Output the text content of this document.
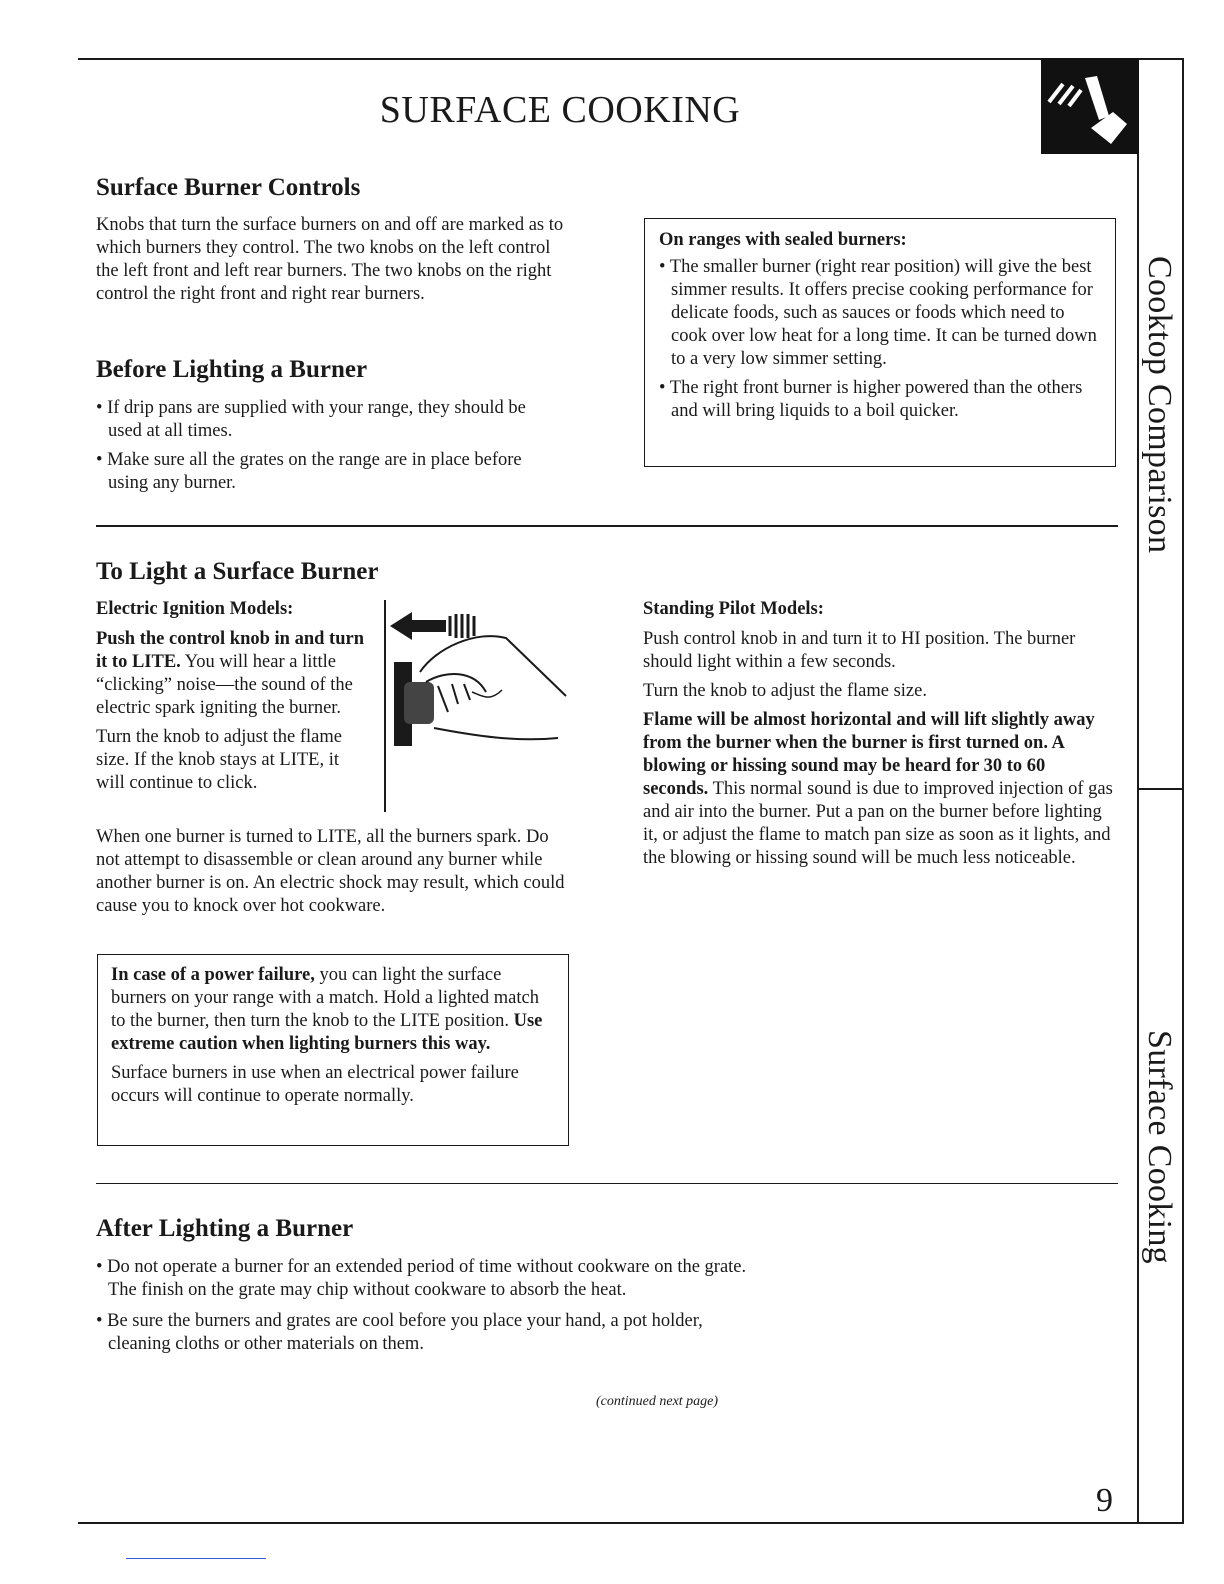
SURFACE COOKING
Cooktop Comparison
Surface Cooking
Surface Burner Controls

Knobs that turn the surface burners on and off are marked as to which burners they control. The two knobs on the left control the left front and left rear burners. The two knobs on the right control the right front and right rear burners.

On ranges with sealed burners:

• The smaller burner (right rear position) will give the best simmer results. It offers precise cooking performance for delicate foods, such as sauces or foods which need to cook over low heat for a long time. It can be turned down to a very low simmer setting.

• The right front burner is higher powered than the others and will bring liquids to a boil quicker.

Before Lighting a Burner

• If drip pans are supplied with your range, they should be used at all times.

• Make sure all the grates on the range are in place before using any burner.

To Light a Surface Burner

Electric Ignition Models:

Push the control knob in and turn it to LITE. You will hear a little “clicking” noise—the sound of the electric spark igniting the burner.

Turn the knob to adjust the flame size. If the knob stays at LITE, it will continue to click.

When one burner is turned to LITE, all the burners spark. Do not attempt to disassemble or clean around any burner while another burner is on. An electric shock may result, which could cause you to knock over hot cookware.

Standing Pilot Models:

Push control knob in and turn it to HI position. The burner should light within a few seconds.

Turn the knob to adjust the flame size.

Flame will be almost horizontal and will lift slightly away from the burner when the burner is first turned on. A blowing or hissing sound may be heard for 30 to 60 seconds. This normal sound is due to improved injection of gas and air into the burner. Put a pan on the burner before lighting it, or adjust the flame to match pan size as soon as it lights, and the blowing or hissing sound will be much less noticeable.

In case of a power failure, you can light the surface burners on your range with a match. Hold a lighted match to the burner, then turn the knob to the LITE position. Use extreme caution when lighting burners this way.

Surface burners in use when an electrical power failure occurs will continue to operate normally.

After Lighting a Burner

• Do not operate a burner for an extended period of time without cookware on the grate. The finish on the grate may chip without cookware to absorb the heat.

• Be sure the burners and grates are cool before you place your hand, a pot holder, cleaning cloths or other materials on them.

(continued next page)

9
